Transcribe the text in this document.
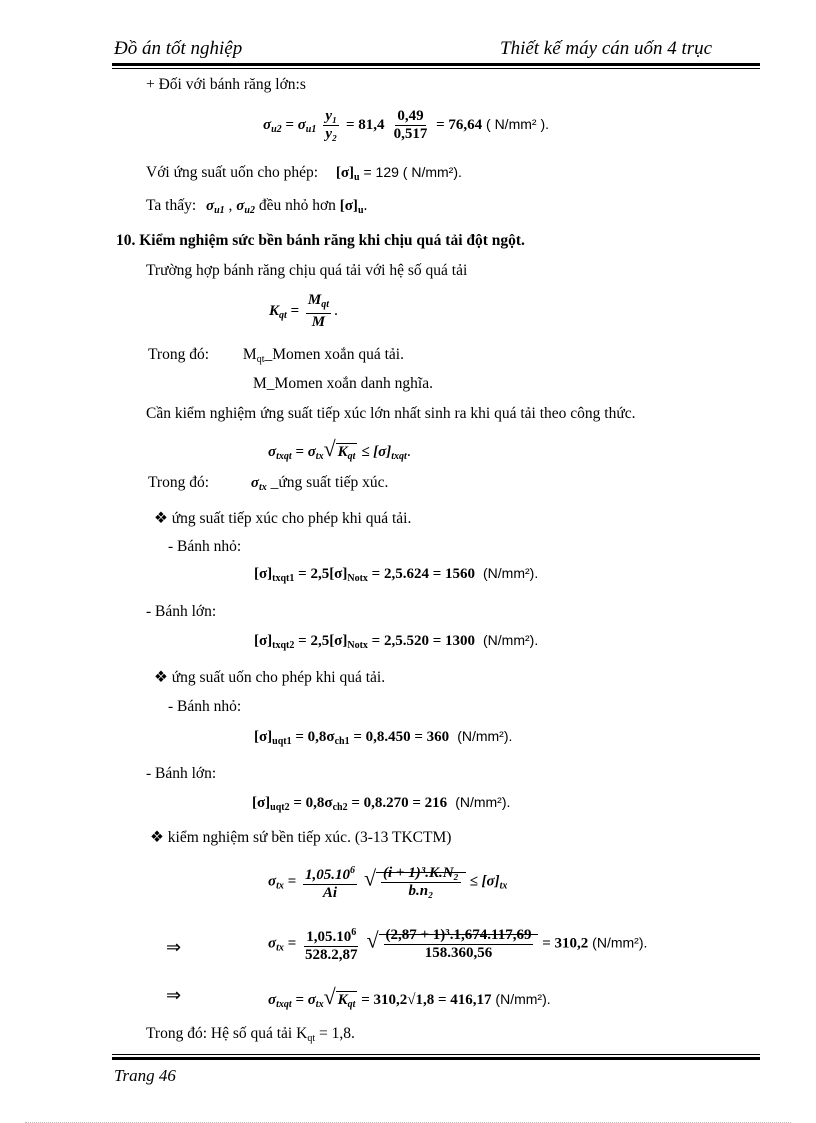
Đồ án tốt nghiệp	Thiết kế máy cán uốn 4 trục
+ Đối với bánh răng lớn:s
$\sigma_{u2} = \sigma_{u1} \frac{\text{y₁}}{\text{y₂}} = 81,4 \frac{0,49}{0,517} = 76,64$ ( N/mm² ).
Với ứng suất uốn cho phép: $[\sigma]_u = 129$ ( N/mm²).
Ta thấy: $\sigma_{u1}$ , $\sigma_{u2}$ đều nhỏ hơn $[\sigma]_u$.
10. Kiểm nghiệm sức bền bánh răng khi chịu quá tải đột ngột.
Trường hợp bánh răng chịu quá tải với hệ số quá tải
$K_{qt} = \frac{M_{qt}}{M}$ .
Trong đó: $M_{qt}\_Momen$ xoắn quá tải.
M_Momen xoắn danh nghĩa.
Cần kiểm nghiệm ứng suất tiếp xúc lớn nhất sinh ra khi quá tải theo công thức.
$\sigma_{txqt} = \sigma_{tx}√$ $K_{qt} \le [\sigma]_{txqt}$.
Trong đó:	$\sigma_{tx}$ _ứng suất tiếp xúc.
❖ ứng suất tiếp xúc cho phép khi quá tải.
- Bánh nhỏ:
$[\sigma]_{txqt1} = 2,5[\sigma]_{Notx} = 2,5.624 = 1560$ (N/mm²).
- Bánh lớn:
$[\sigma]_{txqt2} = 2,5[\sigma]_{Notx} = 2,5.520 = 1300$ (N/mm²).
❖ ứng suất uốn cho phép khi quá tải.
- Bánh nhỏ:
$[\sigma]_{uqt1} = 0,8\sigma_{ch1} = 0,8.450 = 360$ (N/mm²).
- Bánh lớn:
$[\sigma]_{uqt2} = 0,8\sigma_{ch2} = 0,8.270 = 216$ (N/mm²).
❖ kiểm nghiệm sứ bền tiếp xúc. (3-13 TKCTM)
$\sigma_{tx} = \frac{1,05.10^6}{Ai}$ √ $\frac{\text{(i + 1)³.K.N₂}}{\text{b.n₂}} \le [\sigma]_{tx}$
⇒	$\sigma_{tx} = \frac{1,05.10^6}{528.2,87}$ √ $\frac{\text{(2,87 + 1)³.1,674.117,69}}{158.360,56} = 310,2$ (N/mm²).
⇒	$\sigma_{txqt} = \sigma_{tx}√$ $K_{qt} = 310,2√1,8 = 416,17$ (N/mm²).
Trong đó: Hệ số quá tải $K_{qt} = 1,8$.
Trang 46
